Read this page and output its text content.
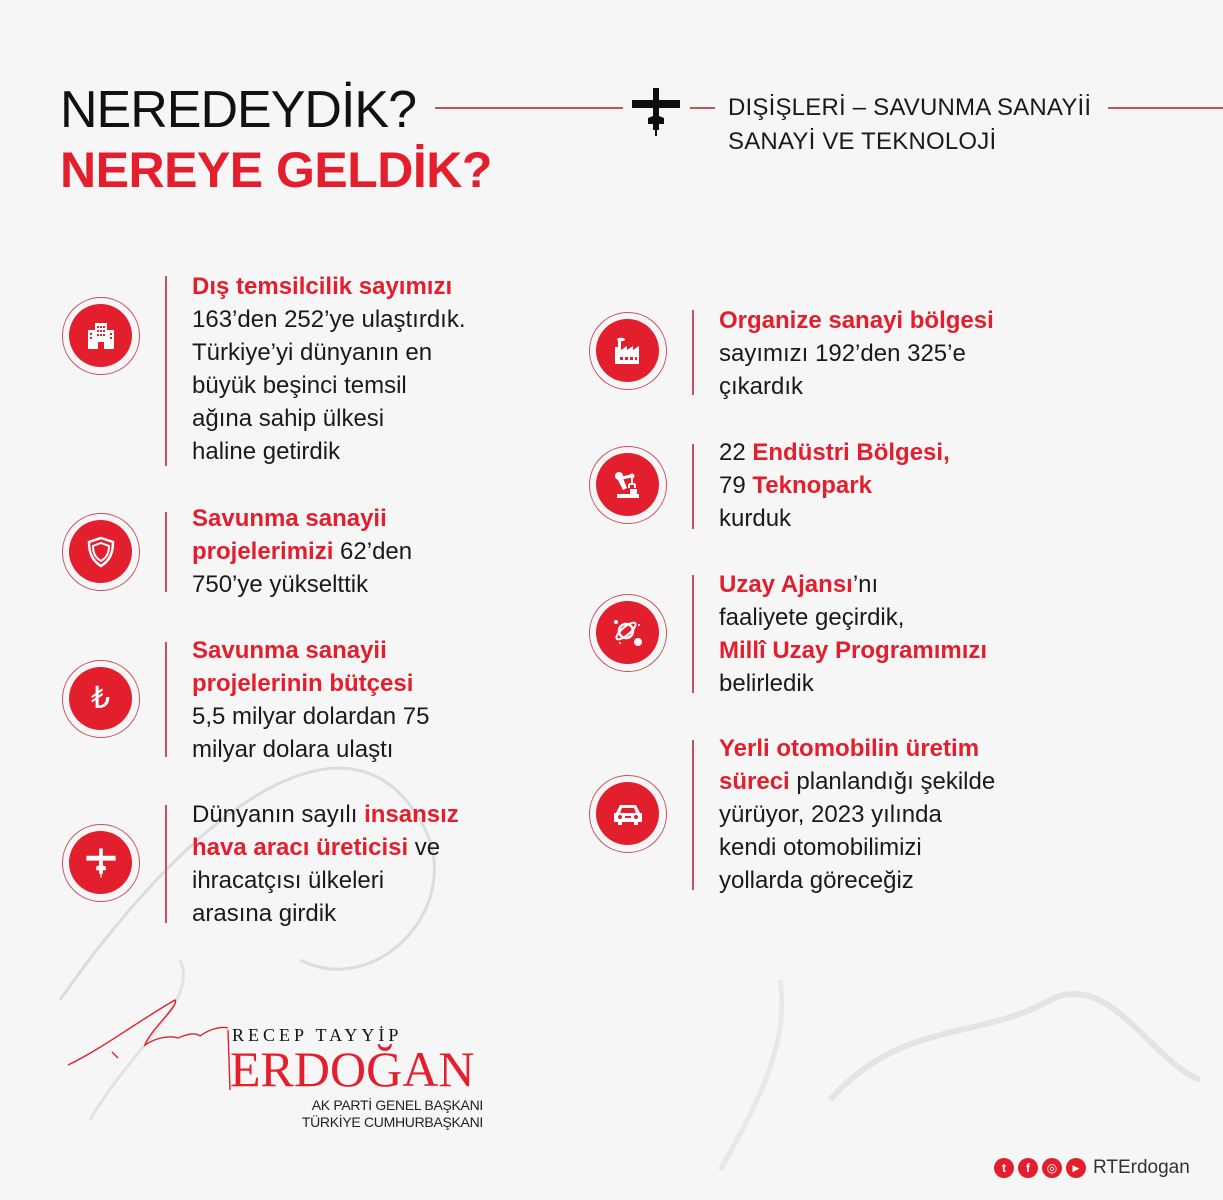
NEREDEYDİK?
NEREYE GELDİK?
DIŞİŞLERİ – SAVUNMA SANAYİİ
SANAYİ VE TEKNOLOJİ
Dış temsilcilik sayımızı
163’den 252’ye ulaştırdık.
Türkiye’yi dünyanın en
büyük beşinci temsil
ağına sahip ülkesi
haline getirdik
Savunma sanayii
projelerimizi 62’den
750’ye yükselttik
₺
Savunma sanayii
projelerinin bütçesi
5,5 milyar dolardan 75
milyar dolara ulaştı
Dünyanın sayılı insansız
hava aracı üreticisi ve
ihracatçısı ülkeleri
arasına girdik
Organize sanayi bölgesi
sayımızı 192’den 325’e
çıkardık
22 Endüstri Bölgesi,
79 Teknopark
kurduk
Uzay Ajansı’nı
faaliyete geçirdik,
Millî Uzay Programımızı
belirledik
Yerli otomobilin üretim
süreci planlandığı şekilde
yürüyor, 2023 yılında
kendi otomobilimizi
yollarda göreceğiz
RECEP TAYYİP
ERDOĞAN
AK PARTİ GENEL BAŞKANI
TÜRKİYE CUMHURBAŞKANI
t	f	◎	▶ RTErdogan
